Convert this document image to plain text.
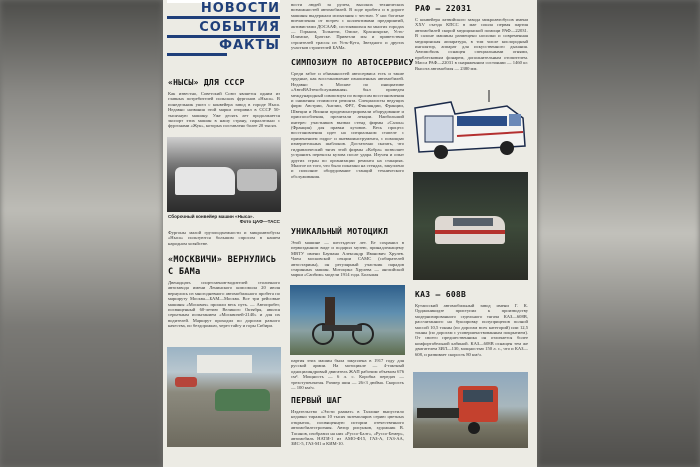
НОВОСТИ
СОБЫТИЯ
ФАКТЫ
«НЫСЫ» ДЛЯ СССР
Как известно, Советский Союз является одним из главных потребителей польских фургонов «Ныса». В понедельник ушел с конвейера завод в городе Ныса. Недавно названия этой марки отправил в СССР 50-тысячную машину. Уже десять лет продолжается экспорт этих машин в нашу страну, параллельно с фургонами «Жук», которых поставлено более 20 тысяч.
Сборочный конвейер машин «Ныса».
Фото ЦАФ—ТАСС
Фургоны малой грузоподъемности и микроавтобусы «Ныса» пользуются большим спросом в нашем народном хозяйстве.
«МОСКВИЧИ» ВЕРНУЛИСЬ С БАМа
Двенадцать спортсменов-водителей столичного автозавода имени Ленинского комсомола 20 июля вернулись из многодневного автомобильного пробега по маршруту Москва—БАМ—Москва. Все три рейсовые машины «Москвич» прошли весь путь. — Автопробег, посвященный 60-летию Великого Октября, явился серьезным испытанием «Москвичей-2140» и для их водителей. Маршрут проходил по дорогам разного качества, по бездорожью, через тайгу и горы Сибири.
вости людей за рулем, высоких технических возможностей автомобилей. В ходе пробега и в дороге машины выдержали испытания с честью. У нас богатые впечатления от встреч с коллективами предприятий, активистами ДОСААФ, состоявшихся во многих городах — Горьком, Тольятти, Омске, Красноярске, Усть-Илимске, Братске. Привезли мы и приветствия строителей трассы из Усть-Кута, Звездного и других участков строителей БАМа.
СИМПОЗИУМ ПО АВТОСЕРВИСУ
Среди забот и обязанностей автосервиса есть и такие трудные, как восстановление изношенных автомобилей. Недавно в Москве по инициативе «АвтоВАЗтехобслуживания» был проведен международный симпозиум по вопросам восстановления и снижения стоимости ремонта. Специалисты ведущих фирм Австрии, Англии, ФРГ, Финляндии, Франции, Швеции и Японии продемонстрировали оборудование и приспособления, прочитали лекции. Наибольший интерес участников вызвал стенд фирмы «Салон» (Франция) для правки кузовов. Весь процесс восстановления идет на специальном стапеле с применением гидро- и пневмоинструмента, с помощью измерительных шаблонов. Достаточно сказать, что гидравлический тягач этой фирмы «Кобра» позволяет устранить перекосы кузова после удара. Изучен и опыт других стран по организации ремонта на станциях. Многое из того, что было показано на стендах, закуплено и пополнит оборудование станций технического обслуживания.
УНИКАЛЬНЫЙ МОТОЦИКЛ
Этой машине — шестьдесят лет. Ее сохранил в первозданном виде и подарил музею, принадлежащему МВТУ имени Баумана Александр Иванович Хрулев. Член московской секции САМС (собирателей автостарины), он регулярный участник парадов старинных машин. Мотоцикл Хрулева — английской марки «Сапбим» модели 1914 года. Большая
партия этих машин была закуплена в 1917 году для русской армии. На мотоцикле — 4-тактный одноцилиндровый двигатель ЖАП рабочим объемом 676 см³. Мощность — 6 л. с. Коробка передач — трехступенчатая. Размер шин — 26×3 дюйма. Скорость — 100 км/ч.
ПЕРВЫЙ ШАГ
Издательство «Ээсти раамат» в Таллине выпустило недавно тиражом 10 тысяч экземпляров серию цветных открыток, посвященную истории отечественного автомобилестроения. Автор рисунков, художник В. Тасанов, изобразил на них «Руссо-Балт», «Руссо-Бемер», автомобиль НАТИ-1 из АМО-Ф15, ГАЗ-А, ГАЗ-АА, ЗИС-5, ГАЗ-М1 и КИМ-10.
РАФ — 22031
С конвейера латвийского завода микроавтобусов имени XXV съезда КПСС в мае сошла первая партия автомобилей скорой медицинской помощи РАФ—22031. В салоне машины размещено носилки и современная медицинская аппаратура, в том числе кислородный ингалятор, аппарат для искусственного дыхания. Автомобиль оснащен специальными огнями, проблесковым фонарем, дополнительным отопителем. Масса РАФ—22031 в снаряженном состоянии — 1460 кг. Высота автомобиля — 2380 мм.
КАЗ — 608В
Кутаисский автомобильный завод имени Г. К. Орджоникидзе приступил к производству модернизированного седельного тягача КАЗ—608В, рассчитанного на буксировку полуприцепов полной массой 10,5 тонны (по дорогам всех категорий) или 12,5 тонны (по дорогам с усовершенствованным покрытием). От своего предшественника он отличается более комфортабельной кабиной. КАЗ—608В оснащен тем же двигателем ЗИЛ—130, мощностью 150 л. с., что и КАЗ—608, и развивает скорость 80 км/ч.
